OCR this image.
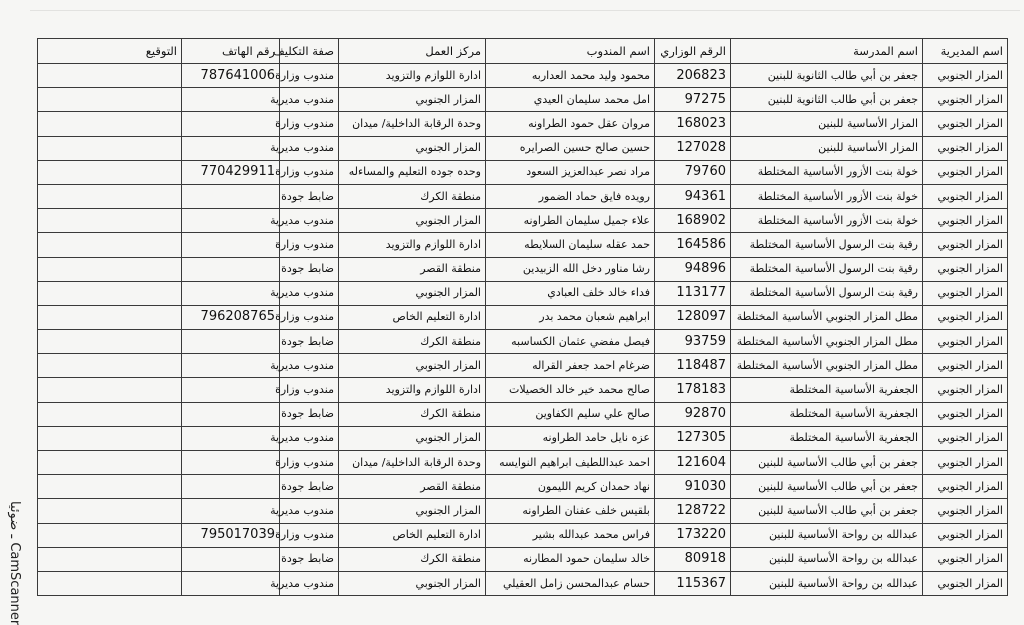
اسم المديرية	اسم المدرسة	الرقم الوزاري	اسم المندوب	مركز العمل	صفة التكليف	رقم الهاتف	التوقيع
المزار الجنوبي	جعفر بن أبي طالب الثانوية للبنين	206823	محمود وليد محمد العداربه	ادارة اللوازم والتزويد	مندوب وزارة	787641006	
المزار الجنوبي	جعفر بن أبي طالب الثانوية للبنين	97275	امل محمد سليمان العيدي	المزار الجنوبي	مندوب مديرية		
المزار الجنوبي	المزار الأساسية للبنين	168023	مروان عقل حمود الطراونه	وحدة الرقابة الداخلية/ ميدان	مندوب وزارة		
المزار الجنوبي	المزار الأساسية للبنين	127028	حسين صالح حسين الصرايره	المزار الجنوبي	مندوب مديرية		
المزار الجنوبي	خولة بنت الأزور الأساسية المختلطة	79760	مراد نصر عبدالعزيز السعود	وحده جوده التعليم والمساءله	مندوب وزارة	770429911	
المزار الجنوبي	خولة بنت الأزور الأساسية المختلطة	94361	رويده فايق حماد الضمور	منطقة الكرك	ضابط جودة		
المزار الجنوبي	خولة بنت الأزور الأساسية المختلطة	168902	علاء جميل سليمان الطراونه	المزار الجنوبي	مندوب مديرية		
المزار الجنوبي	رقية بنت الرسول الأساسية المختلطة	164586	حمد عقله سليمان السلايطه	ادارة اللوازم والتزويد	مندوب وزارة		
المزار الجنوبي	رقية بنت الرسول الأساسية المختلطة	94896	رشا مناور دخل الله الزبيدين	منطقة القصر	ضابط جودة		
المزار الجنوبي	رقية بنت الرسول الأساسية المختلطة	113177	فداء خالد خلف العبادي	المزار الجنوبي	مندوب مديرية		
المزار الجنوبي	مطل المزار الجنوبي الأساسية المختلطة	128097	ابراهيم شعبان محمد بدر	ادارة التعليم الخاص	مندوب وزارة	796208765	
المزار الجنوبي	مطل المزار الجنوبي الأساسية المختلطة	93759	فيصل مفضي عثمان الكساسبه	منطقة الكرك	ضابط جودة		
المزار الجنوبي	مطل المزار الجنوبي الأساسية المختلطة	118487	ضرغام احمد جعفر القراله	المزار الجنوبي	مندوب مديرية		
المزار الجنوبي	الجعفرية الأساسية المختلطة	178183	صالح محمد خير خالد الخصيلات	ادارة اللوازم والتزويد	مندوب وزارة		
المزار الجنوبي	الجعفرية الأساسية المختلطة	92870	صالح علي سليم الكفاوين	منطقة الكرك	ضابط جودة		
المزار الجنوبي	الجعفرية الأساسية المختلطة	127305	عزه نايل حامد الطراونه	المزار الجنوبي	مندوب مديرية		
المزار الجنوبي	جعفر بن أبي طالب الأساسية للبنين	121604	احمد عبداللطيف ابراهيم النوايسه	وحدة الرقابة الداخلية/ ميدان	مندوب وزارة		
المزار الجنوبي	جعفر بن أبي طالب الأساسية للبنين	91030	نهاد حمدان كريم الليمون	منطقة القصر	ضابط جودة		
المزار الجنوبي	جعفر بن أبي طالب الأساسية للبنين	128722	بلقيس خلف عفنان الطراونه	المزار الجنوبي	مندوب مديرية		
المزار الجنوبي	عبدالله بن رواحة الأساسية للبنين	173220	فراس محمد عبدالله بشير	ادارة التعليم الخاص	مندوب وزارة	795017039	
المزار الجنوبي	عبدالله بن رواحة الأساسية للبنين	80918	خالد سليمان حمود المطارنه	منطقة الكرك	ضابط جودة		
المزار الجنوبي	عبدالله بن رواحة الأساسية للبنين	115367	حسام عبدالمحسن زامل العقيلي	المزار الجنوبي	مندوب مديرية		
CamScanner ـ ضوئيا
